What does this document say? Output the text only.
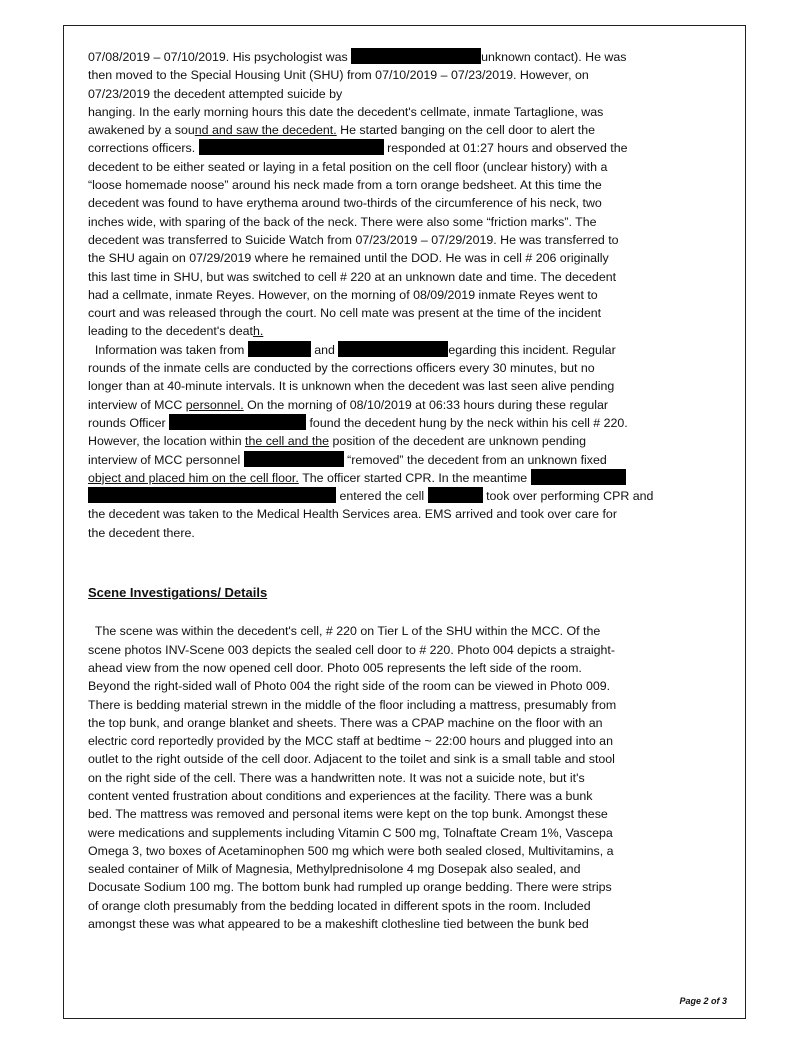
07/08/2019 – 07/10/2019. His psychologist was	unknown contact). He was
then moved to the Special Housing Unit (SHU) from 07/10/2019 – 07/23/2019. However, on
07/23/2019 the decedent attempted suicide by
hanging. In the early morning hours this date the decedent's cellmate, inmate Tartaglione, was
awakened by a sound and saw the decedent. He started banging on the cell door to alert the
corrections officers.	responded at 01:27 hours and observed the
decedent to be either seated or laying in a fetal position on the cell floor (unclear history) with a
“loose homemade noose” around his neck made from a torn orange bedsheet. At this time the
decedent was found to have erythema around two-thirds of the circumference of his neck, two
inches wide, with sparing of the back of the neck. There were also some “friction marks”. The
decedent was transferred to Suicide Watch from 07/23/2019 – 07/29/2019. He was transferred to
the SHU again on 07/29/2019 where he remained until the DOD. He was in cell # 206 originally
this last time in SHU, but was switched to cell # 220 at an unknown date and time. The decedent
had a cellmate, inmate Reyes. However, on the morning of 08/09/2019 inmate Reyes went to
court and was released through the court. No cell mate was present at the time of the incident
leading to the decedent's death.
Information was taken from	and	egarding this incident. Regular
rounds of the inmate cells are conducted by the corrections officers every 30 minutes, but no
longer than at 40-minute intervals. It is unknown when the decedent was last seen alive pending
interview of MCC personnel. On the morning of 08/10/2019 at 06:33 hours during these regular
rounds Officer	found the decedent hung by the neck within his cell # 220.
However, the location within the cell and the position of the decedent are unknown pending
interview of MCC personnel	“removed” the decedent from an unknown fixed
object and placed him on the cell floor. The officer started CPR. In the meantime
entered the cell	took over performing CPR and
the decedent was taken to the Medical Health Services area. EMS arrived and took over care for
the decedent there.
Scene Investigations/ Details
The scene was within the decedent's cell, # 220 on Tier L of the SHU within the MCC. Of the
scene photos INV-Scene 003 depicts the sealed cell door to # 220. Photo 004 depicts a straight-
ahead view from the now opened cell door. Photo 005 represents the left side of the room.
Beyond the right-sided wall of Photo 004 the right side of the room can be viewed in Photo 009.
There is bedding material strewn in the middle of the floor including a mattress, presumably from
the top bunk, and orange blanket and sheets. There was a CPAP machine on the floor with an
electric cord reportedly provided by the MCC staff at bedtime ~ 22:00 hours and plugged into an
outlet to the right outside of the cell door. Adjacent to the toilet and sink is a small table and stool
on the right side of the cell. There was a handwritten note. It was not a suicide note, but it's
content vented frustration about conditions and experiences at the facility. There was a bunk
bed. The mattress was removed and personal items were kept on the top bunk. Amongst these
were medications and supplements including Vitamin C 500 mg, Tolnaftate Cream 1%, Vascepa
Omega 3, two boxes of Acetaminophen 500 mg which were both sealed closed, Multivitamins, a
sealed container of Milk of Magnesia, Methylprednisolone 4 mg Dosepak also sealed, and
Docusate Sodium 100 mg. The bottom bunk had rumpled up orange bedding. There were strips
of orange cloth presumably from the bedding located in different spots in the room. Included
amongst these was what appeared to be a makeshift clothesline tied between the bunk bed
Page 2 of 3
